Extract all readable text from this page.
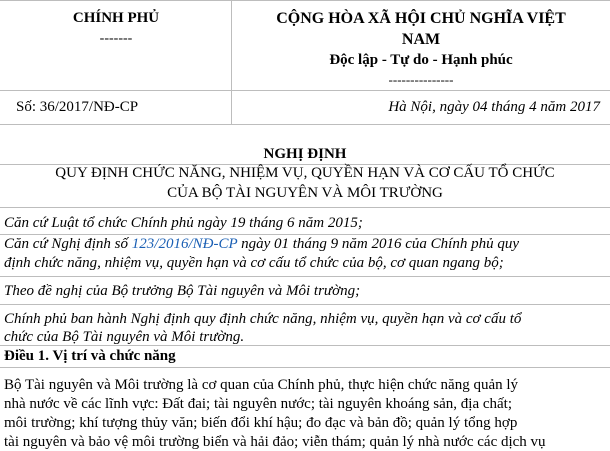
CHÍNH PHỦ
-------
CỘNG HÒA XÃ HỘI CHỦ NGHĨA VIỆT
NAM
Độc lập - Tự do - Hạnh phúc
---------------
Số: 36/2017/NĐ-CP	Hà Nội, ngày 04 tháng 4 năm 2017
NGHỊ ĐỊNH
QUY ĐỊNH CHỨC NĂNG, NHIỆM VỤ, QUYỀN HẠN VÀ CƠ CẤU TỔ CHỨC
CỦA BỘ TÀI NGUYÊN VÀ MÔI TRƯỜNG
Căn cứ Luật tổ chức Chính phủ ngày 19 tháng 6 năm 2015;
Căn cứ Nghị định số 123/2016/NĐ-CP ngày 01 tháng 9 năm 2016 của Chính phủ quy
định chức năng, nhiệm vụ, quyền hạn và cơ cấu tổ chức của bộ, cơ quan ngang bộ;
Theo đề nghị của Bộ trưởng Bộ Tài nguyên và Môi trường;
Chính phủ ban hành Nghị định quy định chức năng, nhiệm vụ, quyền hạn và cơ cấu tổ
chức của Bộ Tài nguyên và Môi trường.
Điều 1. Vị trí và chức năng
Bộ Tài nguyên và Môi trường là cơ quan của Chính phủ, thực hiện chức năng quản lý
nhà nước về các lĩnh vực: Đất đai; tài nguyên nước; tài nguyên khoáng sản, địa chất;
môi trường; khí tượng thủy văn; biến đổi khí hậu; đo đạc và bản đồ; quản lý tổng hợp
tài nguyên và bảo vệ môi trường biển và hải đảo; viễn thám; quản lý nhà nước các dịch vụ
